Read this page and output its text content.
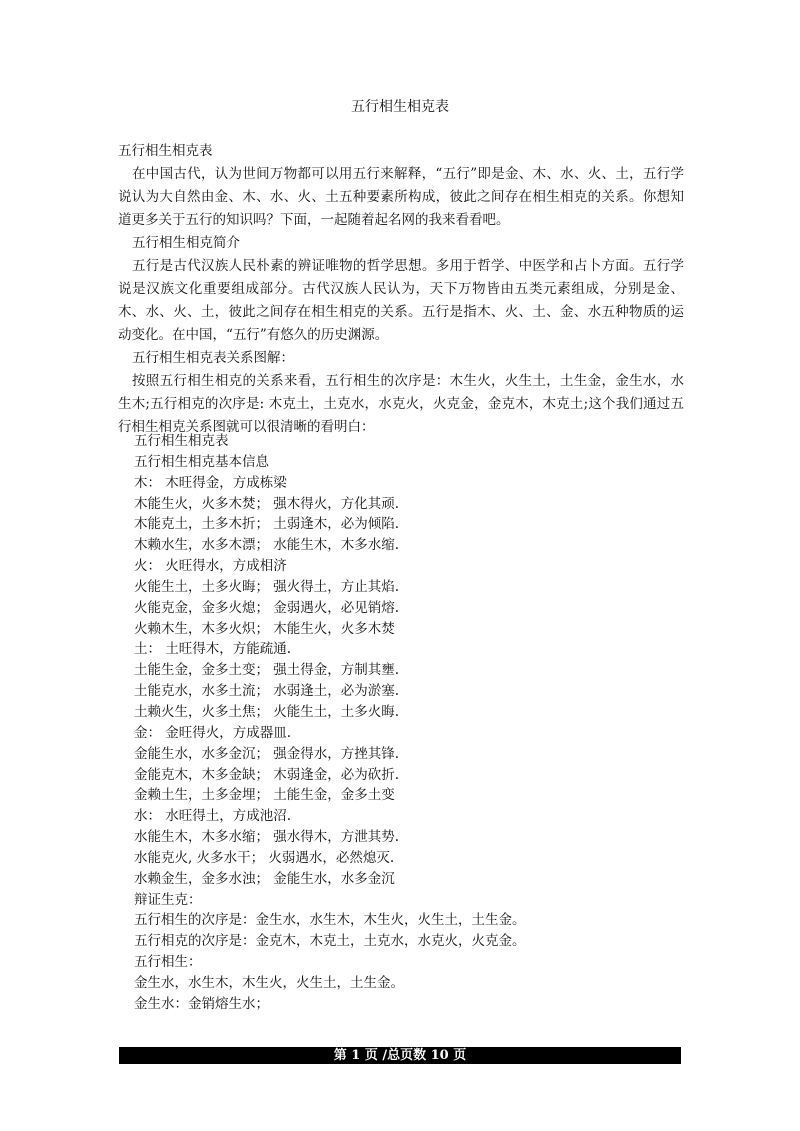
五行相生相克表

五行相生相克表

在中国古代，认为世间万物都可以用五行来解释，“五行”即是金、木、水、火、土，五行学说认为大自然由金、木、水、火、土五种要素所构成，彼此之间存在相生相克的关系。你想知道更多关于五行的知识吗？下面，一起随着起名网的我来看看吧。

五行相生相克简介

五行是古代汉族人民朴素的辨证唯物的哲学思想。多用于哲学、中医学和占卜方面。五行学说是汉族文化重要组成部分。古代汉族人民认为，天下万物皆由五类元素组成，分别是金、木、水、火、土，彼此之间存在相生相克的关系。五行是指木、火、土、金、水五种物质的运动变化。在中国，“五行”有悠久的历史渊源。

五行相生相克表关系图解：

按照五行相生相克的关系来看，五行相生的次序是：木生火，火生土，土生金，金生水，水生木;五行相克的次序是: 木克土，土克水，水克火，火克金，金克木，木克土;这个我们通过五行相生相克关系图就可以很清晰的看明白：

五行相生相克表

五行相生相克基本信息

木： 木旺得金，方成栋梁

木能生火，火多木焚； 强木得火，方化其顽.

木能克土，土多木折； 土弱逢木，必为倾陷.

木赖水生，水多木漂； 水能生木，木多水缩.

火： 火旺得水，方成相济

火能生土，土多火晦； 强火得土，方止其焰.

火能克金，金多火熄； 金弱遇火，必见销熔.

火赖木生，木多火炽； 木能生火，火多木焚

土： 土旺得木，方能疏通.

土能生金，金多土变； 强土得金，方制其壅.

土能克水，水多土流； 水弱逢土，必为淤塞.

土赖火生，火多土焦； 火能生土，土多火晦.

金： 金旺得火，方成器皿.

金能生水，水多金沉； 强金得水，方挫其锋.

金能克木，木多金缺； 木弱逢金，必为砍折.

金赖土生，土多金埋； 土能生金，金多土变

水： 水旺得土，方成池沼.

水能生木，木多水缩； 强水得木，方泄其势.

水能克火, 火多水干； 火弱遇水，必然熄灭.

水赖金生，金多水浊； 金能生水，水多金沉

辩证生克：

五行相生的次序是：金生水，水生木，木生火，火生土，土生金。

五行相克的次序是：金克木，木克土，土克水，水克火，火克金。

五行相生：

金生水，水生木，木生火，火生土，土生金。

金生水：金销熔生水；

第 1 页 /总页数 10 页
